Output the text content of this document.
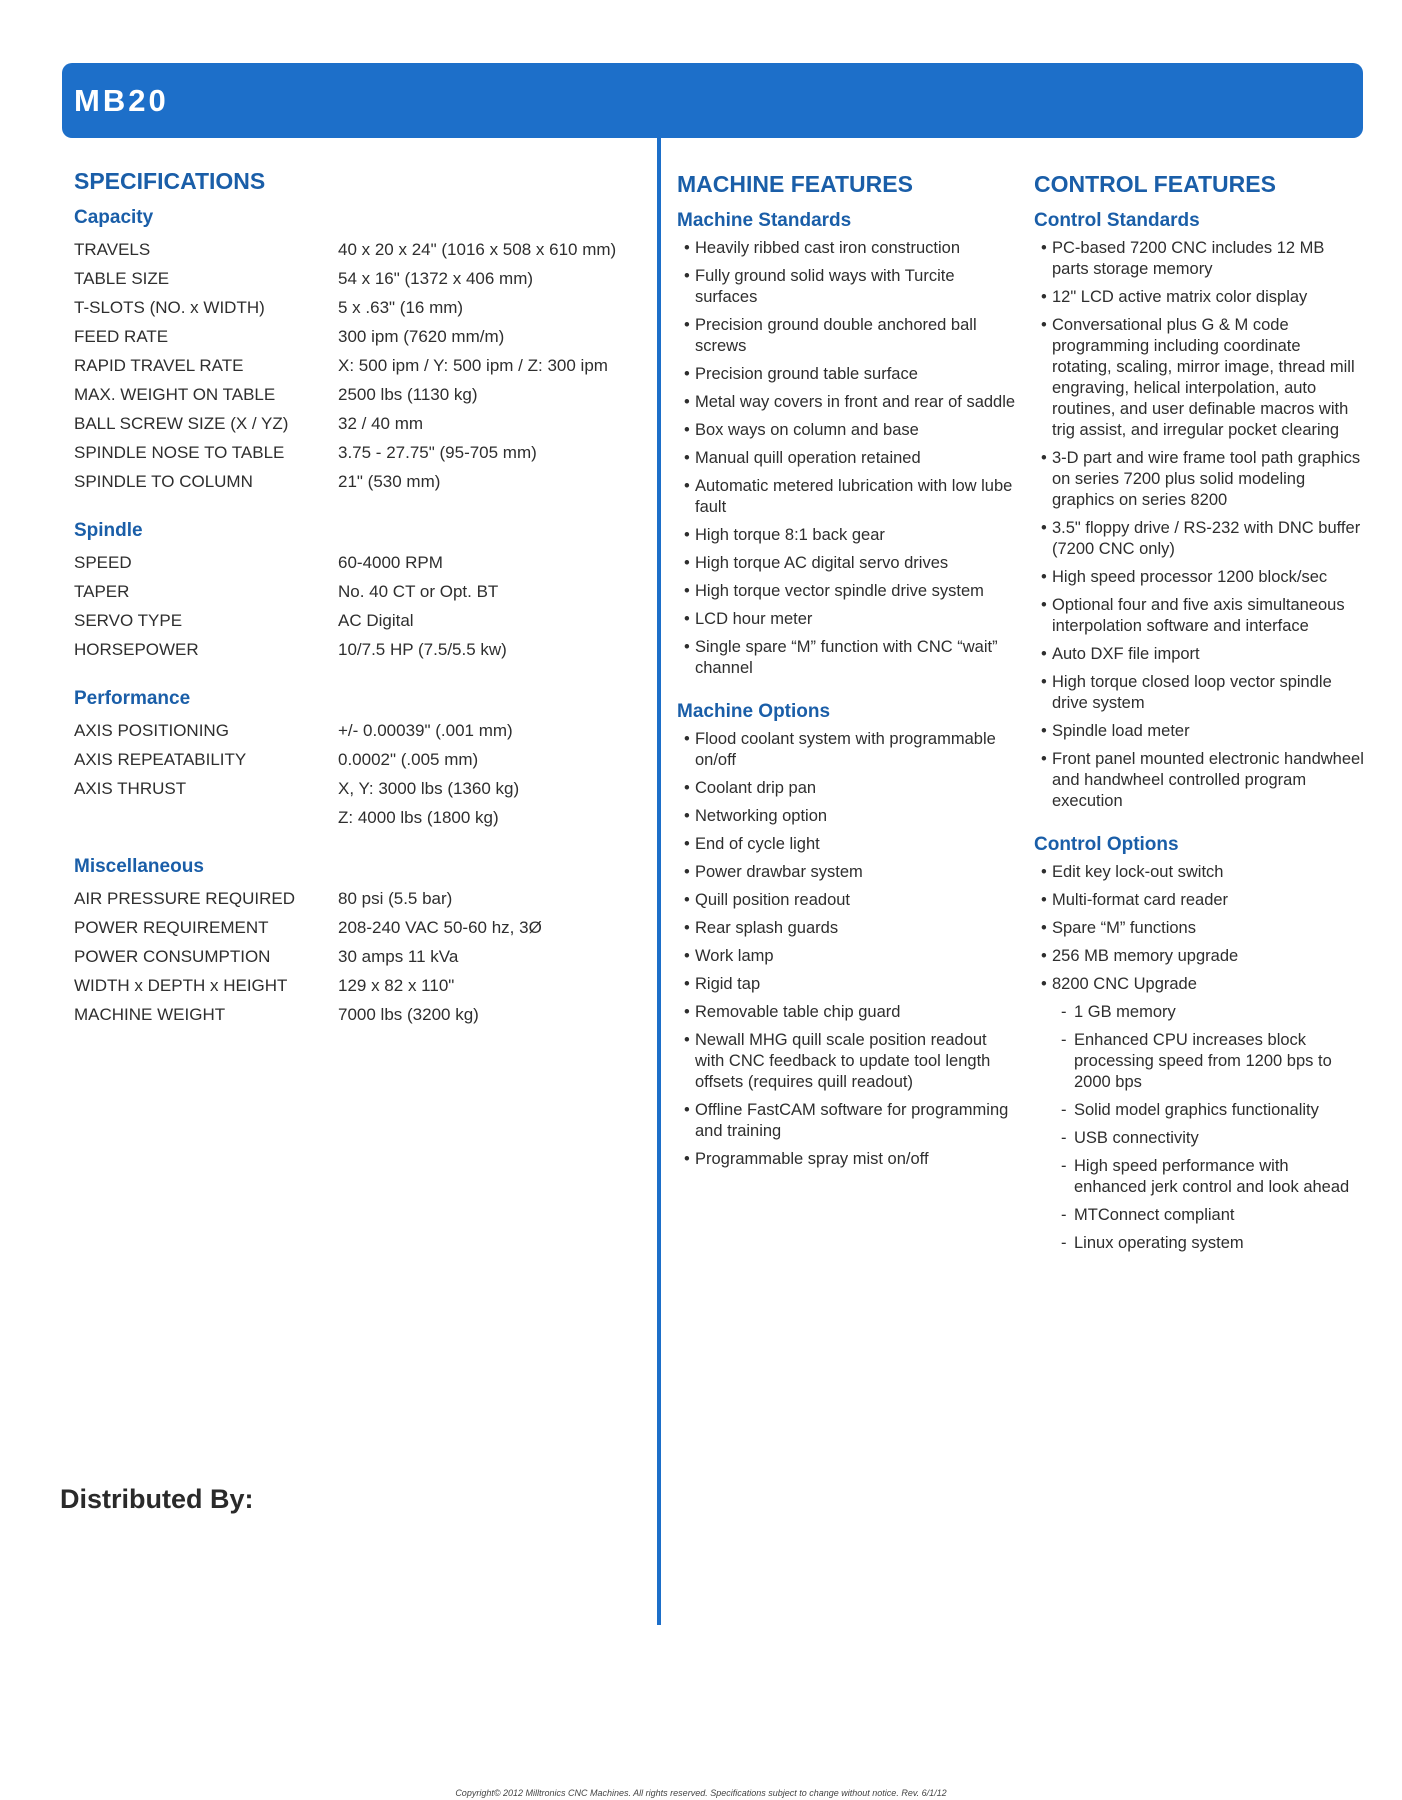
MB20
SPECIFICATIONS
Capacity
TRAVELS	40 x 20 x 24" (1016 x 508 x 610 mm)
TABLE SIZE	54 x 16" (1372 x 406 mm)
T-SLOTS (NO. x WIDTH)	5 x .63" (16 mm)
FEED RATE	300 ipm (7620 mm/m)
RAPID TRAVEL RATE	X: 500 ipm / Y: 500 ipm / Z: 300 ipm
MAX. WEIGHT ON TABLE	2500 lbs (1130 kg)
BALL SCREW SIZE (X / YZ)	32 / 40 mm
SPINDLE NOSE TO TABLE	3.75 - 27.75" (95-705 mm)
SPINDLE TO COLUMN	21" (530 mm)
Spindle
SPEED	60-4000 RPM
TAPER	No. 40 CT or Opt. BT
SERVO TYPE	AC Digital
HORSEPOWER	10/7.5 HP (7.5/5.5 kw)
Performance
AXIS POSITIONING	+/- 0.00039" (.001 mm)
AXIS REPEATABILITY	0.0002" (.005 mm)
AXIS THRUST	X, Y: 3000 lbs (1360 kg)
Z: 4000 lbs (1800 kg)
Miscellaneous
AIR PRESSURE REQUIRED	80 psi (5.5 bar)
POWER REQUIREMENT	208-240 VAC 50-60 hz, 3Ø
POWER CONSUMPTION	30 amps 11 kVa
WIDTH x DEPTH x HEIGHT	129 x 82 x 110"
MACHINE WEIGHT	7000 lbs (3200 kg)
MACHINE FEATURES
Machine Standards
• Heavily ribbed cast iron construction
• Fully ground solid ways with Turcite surfaces
• Precision ground double anchored ball screws
• Precision ground table surface
• Metal way covers in front and rear of saddle
• Box ways on column and base
• Manual quill operation retained
• Automatic metered lubrication with low lube fault
• High torque 8:1 back gear
• High torque AC digital servo drives
• High torque vector spindle drive system
• LCD hour meter
• Single spare “M” function with CNC “wait” channel
Machine Options
• Flood coolant system with programmable on/off
• Coolant drip pan
• Networking option
• End of cycle light
• Power drawbar system
• Quill position readout
• Rear splash guards
• Work lamp
• Rigid tap
• Removable table chip guard
• Newall MHG quill scale position readout with CNC feedback to update tool length offsets (requires quill readout)
• Offline FastCAM software for programming and training
• Programmable spray mist on/off
CONTROL FEATURES
Control Standards
• PC-based 7200 CNC includes 12 MB parts storage memory
• 12" LCD active matrix color display
• Conversational plus G & M code programming including coordinate rotating, scaling, mirror image, thread mill engraving, helical interpolation, auto routines, and user definable macros with trig assist, and irregular pocket clearing
• 3-D part and wire frame tool path graphics on series 7200 plus solid modeling graphics on series 8200
• 3.5" floppy drive / RS-232 with DNC buffer (7200 CNC only)
• High speed processor 1200 block/sec
• Optional four and five axis simultaneous interpolation software and interface
• Auto DXF file import
• High torque closed loop vector spindle drive system
• Spindle load meter
• Front panel mounted electronic handwheel and handwheel controlled program execution
Control Options
• Edit key lock-out switch
• Multi-format card reader
• Spare “M” functions
• 256 MB memory upgrade
• 8200 CNC Upgrade
- 1 GB memory
- Enhanced CPU increases block processing speed from 1200 bps to 2000 bps
- Solid model graphics functionality
- USB connectivity
- High speed performance with enhanced jerk control and look ahead
- MTConnect compliant
- Linux operating system
Distributed By:
Copyright© 2012 Milltronics CNC Machines. All rights reserved. Specifications subject to change without notice. Rev. 6/1/12
